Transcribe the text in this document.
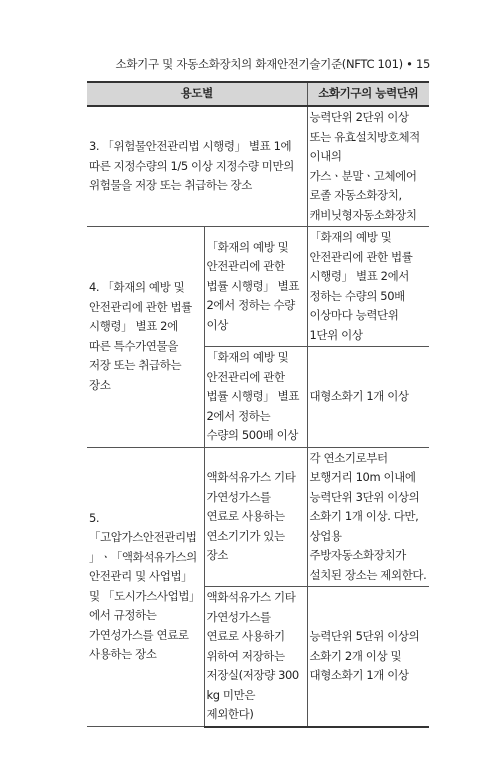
소화기구 및 자동소화장치의 화재안전기술기준(NFTC 101) • 15
용도별		소화기구의 능력단위

3. 「위험물안전관리법 시행령」 별표 1에 따른 지정수량의 1/5 이상 지정수량 미만의 위험물을 저장 또는 취급하는 장소		능력단위 2단위 이상 또는 유효설치방호체적 이내의 가스ㆍ분말ㆍ고체에어로졸 자동소화장치, 캐비닛형자동소화장치

4. 「화재의 예방 및 안전관리에 관한 법률 시행령」 별표 2에 따른 특수가연물을 저장 또는 취급하는 장소	「화재의 예방 및 안전관리에 관한 법률 시행령」 별표 2에서 정하는 수량 이상	「화재의 예방 및 안전관리에 관한 법률 시행령」 별표 2에서 정하는 수량의 50배 이상마다 능력단위 1단위 이상

	「화재의 예방 및 안전관리에 관한 법률 시행령」 별표 2에서 정하는 수량의 500배 이상	대형소화기 1개 이상

5. 「고압가스안전관리법」ㆍ「액화석유가스의 안전관리 및 사업법」 및 「도시가스사업법」에서 규정하는 가연성가스를 연료로 사용하는 장소	액화석유가스 기타 가연성가스를 연료로 사용하는 연소기기가 있는 장소	각 연소기로부터 보행거리 10m 이내에 능력단위 3단위 이상의 소화기 1개 이상. 다만, 상업용 주방자동소화장치가 설치된 장소는 제외한다.

	액화석유가스 기타 가연성가스를 연료로 사용하기 위하여 저장하는 저장실(저장량 300 kg 미만은 제외한다)	능력단위 5단위 이상의 소화기 2개 이상 및 대형소화기 1개 이상
